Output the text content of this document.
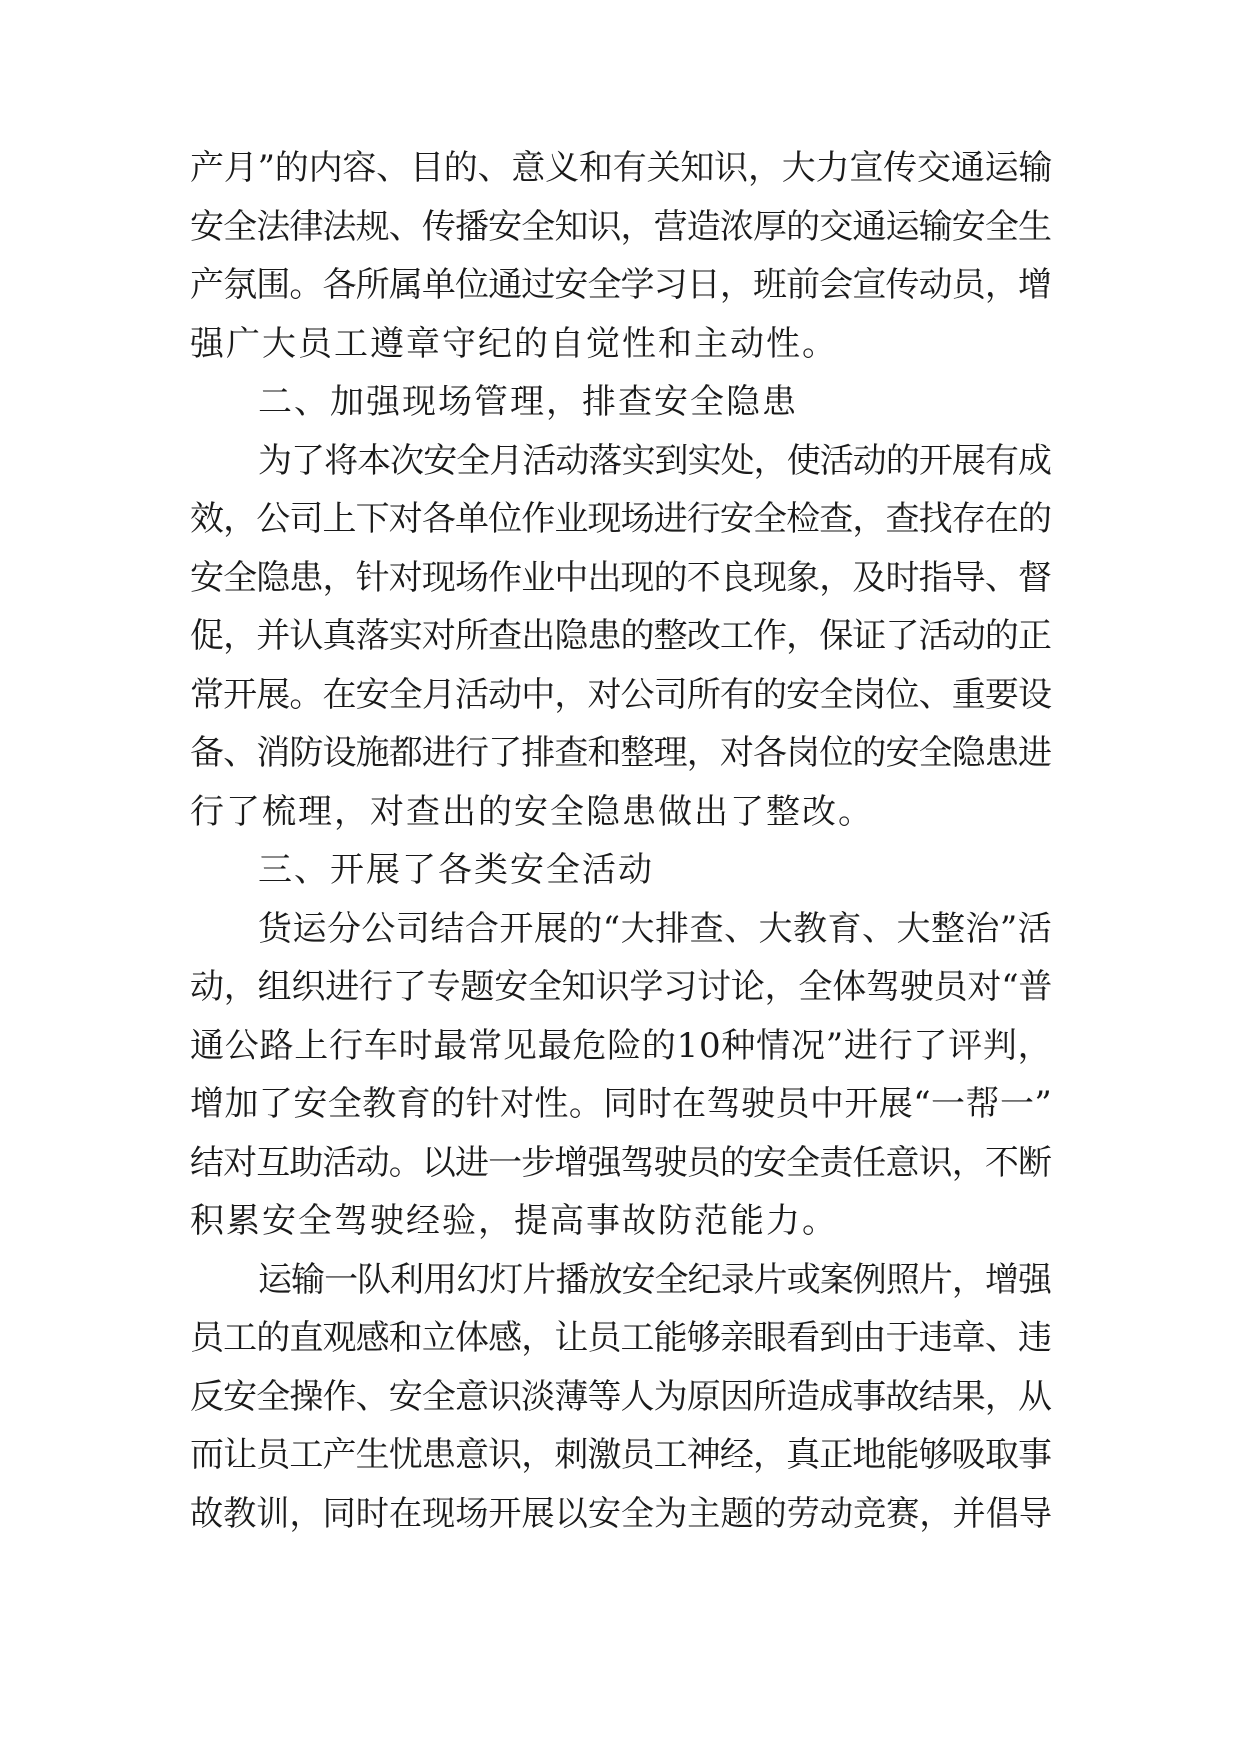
产月”的内容、目的、意义和有关知识，大力宣传交通运输
安全法律法规、传播安全知识，营造浓厚的交通运输安全生
产氛围。各所属单位通过安全学习日，班前会宣传动员，增
强广大员工遵章守纪的自觉性和主动性。
二、加强现场管理，排查安全隐患
为了将本次安全月活动落实到实处，使活动的开展有成
效，公司上下对各单位作业现场进行安全检查，查找存在的
安全隐患，针对现场作业中出现的不良现象，及时指导、督
促，并认真落实对所查出隐患的整改工作，保证了活动的正
常开展。在安全月活动中，对公司所有的安全岗位、重要设
备、消防设施都进行了排查和整理，对各岗位的安全隐患进
行了梳理，对查出的安全隐患做出了整改。
三、开展了各类安全活动
货运分公司结合开展的“大排查、大教育、大整治”活
动，组织进行了专题安全知识学习讨论，全体驾驶员对“普
通公路上行车时最常见最危险的10种情况”进行了评判，
增加了安全教育的针对性。同时在驾驶员中开展“一帮一”
结对互助活动。以进一步增强驾驶员的安全责任意识，不断
积累安全驾驶经验，提高事故防范能力。
运输一队利用幻灯片播放安全纪录片或案例照片，增强
员工的直观感和立体感，让员工能够亲眼看到由于违章、违
反安全操作、安全意识淡薄等人为原因所造成事故结果，从
而让员工产生忧患意识，刺激员工神经，真正地能够吸取事
故教训，同时在现场开展以安全为主题的劳动竞赛，并倡导
